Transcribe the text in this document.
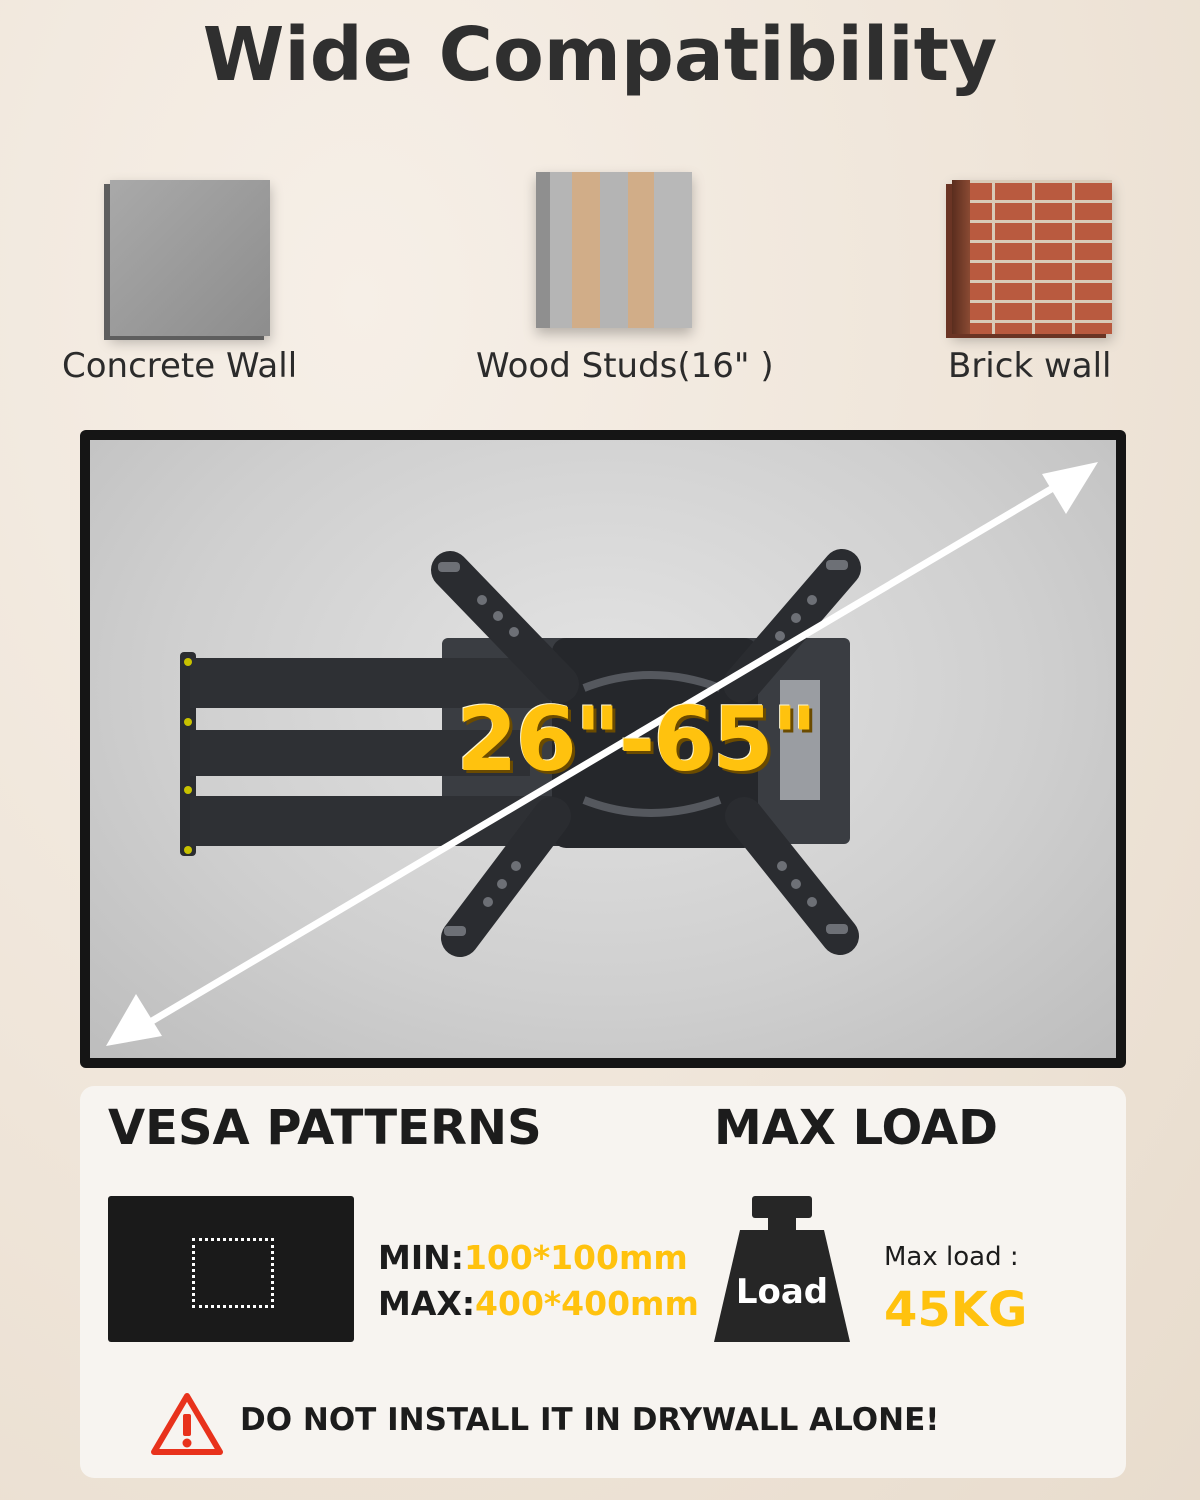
Wide Compatibility
Concrete Wall	Wood Studs(16" )	Brick wall
26"-65"
VESA PATTERNS	MAX LOAD
MIN:100*100mm
MAX:400*400mm	Load
Max load :
45KG
DO NOT INSTALL IT IN DRYWALL ALONE!
